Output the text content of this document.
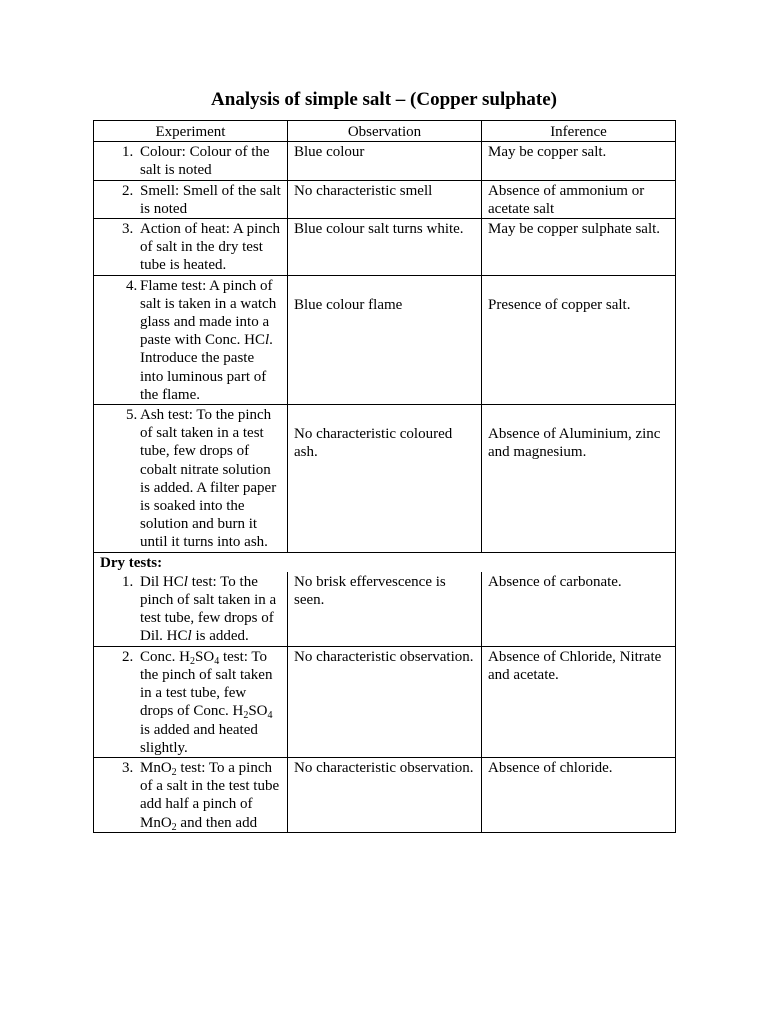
Analysis of simple salt – (Copper sulphate)
Experiment	Observation	Inference

1. Colour: Colour of the salt is noted	Blue colour	May be copper salt.

2. Smell: Smell of the salt is noted	No characteristic smell	Absence of ammonium or acetate salt

3. Action of heat: A pinch of salt in the dry test tube is heated.	Blue colour salt turns white.	May be copper sulphate salt.

4. Flame test: A pinch of salt is taken in a watch glass and made into a paste with Conc. HCl. Introduce the paste into luminous part of the flame.	Blue colour flame	Presence of copper salt.

5. Ash test: To the pinch of salt taken in a test tube, few drops of cobalt nitrate solution is added. A filter paper is soaked into the solution and burn it until it turns into ash.	No characteristic coloured ash.	Absence of Aluminium, zinc and magnesium.
Dry tests:		

1. Dil HCl test: To the pinch of salt taken in a test tube, few drops of Dil. HCl is added.	No brisk effervescence is seen.	Absence of carbonate.

2. Conc. $H_2SO_4$ test: To the pinch of salt taken in a test tube, few drops of Conc. $H_2SO_4$ is added and heated slightly.	No characteristic observation.	Absence of Chloride, Nitrate and acetate.

3. MnO$_2$ test: To a pinch of a salt in the test tube add half a pinch of MnO$_2$ and then add	No characteristic observation.	Absence of chloride.
